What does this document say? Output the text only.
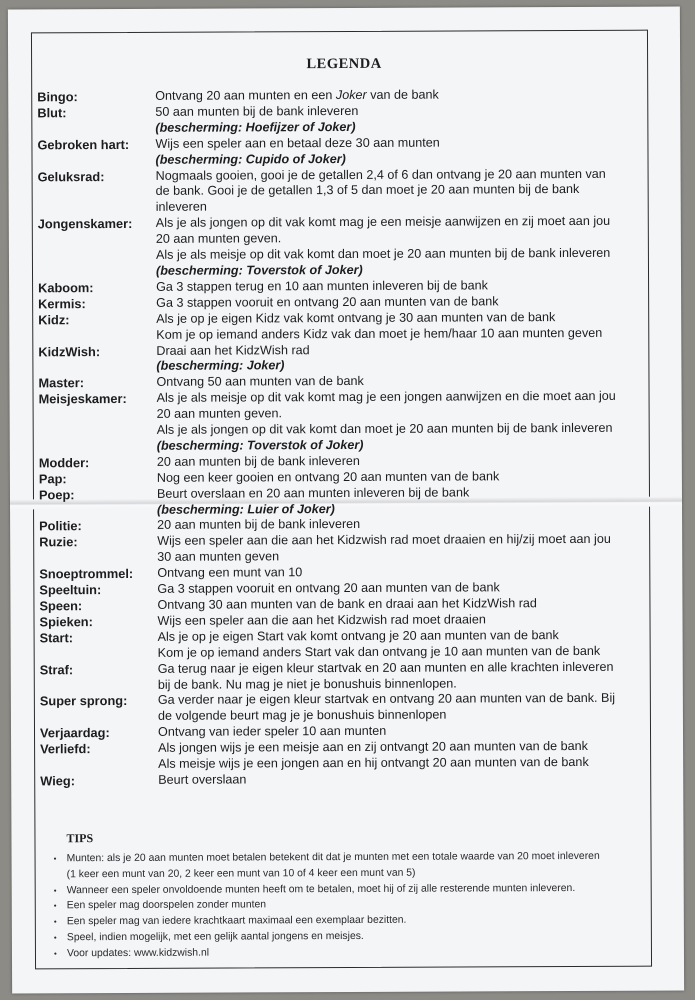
LEGENDA
Bingo:	Ontvang 20 aan munten en een Joker van de bank
Blut:	50 aan munten bij de bank inleveren
(bescherming: Hoefijzer of Joker)
Gebroken hart:	Wijs een speler aan en betaal deze 30 aan munten
(bescherming: Cupido of Joker)
Geluksrad:	Nogmaals gooien, gooi je de getallen 2,4 of 6 dan ontvang je 20 aan munten van
de bank. Gooi je de getallen 1,3 of 5 dan moet je 20 aan munten bij de bank
inleveren
Jongenskamer:	Als je als jongen op dit vak komt mag je een meisje aanwijzen en zij moet aan jou
20 aan munten geven.
Als je als meisje op dit vak komt dan moet je 20 aan munten bij de bank inleveren
(bescherming: Toverstok of Joker)
Kaboom:	Ga 3 stappen terug en 10 aan munten inleveren bij de bank
Kermis:	Ga 3 stappen vooruit en ontvang 20 aan munten van de bank
Kidz:	Als je op je eigen Kidz vak komt ontvang je 30 aan munten van de bank
Kom je op iemand anders Kidz vak dan moet je hem/haar 10 aan munten geven
KidzWish:	Draai aan het KidzWish rad
(bescherming: Joker)
Master:	Ontvang 50 aan munten van de bank
Meisjeskamer:	Als je als meisje op dit vak komt mag je een jongen aanwijzen en die moet aan jou
20 aan munten geven.
Als je als jongen op dit vak komt dan moet je 20 aan munten bij de bank inleveren
(bescherming: Toverstok of Joker)
Modder:	20 aan munten bij de bank inleveren
Pap:	Nog een keer gooien en ontvang 20 aan munten van de bank
Poep:	Beurt overslaan en 20 aan munten inleveren bij de bank
(bescherming: Luier of Joker)
Politie:	20 aan munten bij de bank inleveren
Ruzie:	Wijs een speler aan die aan het Kidzwish rad moet draaien en hij/zij moet aan jou
30 aan munten geven
Snoeptrommel:	Ontvang een munt van 10
Speeltuin:	Ga 3 stappen vooruit en ontvang 20 aan munten van de bank
Speen:	Ontvang 30 aan munten van de bank en draai aan het KidzWish rad
Spieken:	Wijs een speler aan die aan het Kidzwish rad moet draaien
Start:	Als je op je eigen Start vak komt ontvang je 20 aan munten van de bank
Kom je op iemand anders Start vak dan ontvang je 10 aan munten van de bank
Straf:	Ga terug naar je eigen kleur startvak en 20 aan munten en alle krachten inleveren
bij de bank. Nu mag je niet je bonushuis binnenlopen.
Super sprong:	Ga verder naar je eigen kleur startvak en ontvang 20 aan munten van de bank. Bij
de volgende beurt mag je je bonushuis binnenlopen
Verjaardag:	Ontvang van ieder speler 10 aan munten
Verliefd:	Als jongen wijs je een meisje aan en zij ontvangt 20 aan munten van de bank
Als meisje wijs je een jongen aan en hij ontvangt 20 aan munten van de bank
Wieg:	Beurt overslaan
TIPS
• Munten: als je 20 aan munten moet betalen betekent dit dat je munten met een totale waarde van 20 moet inleveren
(1 keer een munt van 20, 2 keer een munt van 10 of 4 keer een munt van 5)
• Wanneer een speler onvoldoende munten heeft om te betalen, moet hij of zij alle resterende munten inleveren.
• Een speler mag doorspelen zonder munten
• Een speler mag van iedere krachtkaart maximaal een exemplaar bezitten.
• Speel, indien mogelijk, met een gelijk aantal jongens en meisjes.
• Voor updates: www.kidzwish.nl
